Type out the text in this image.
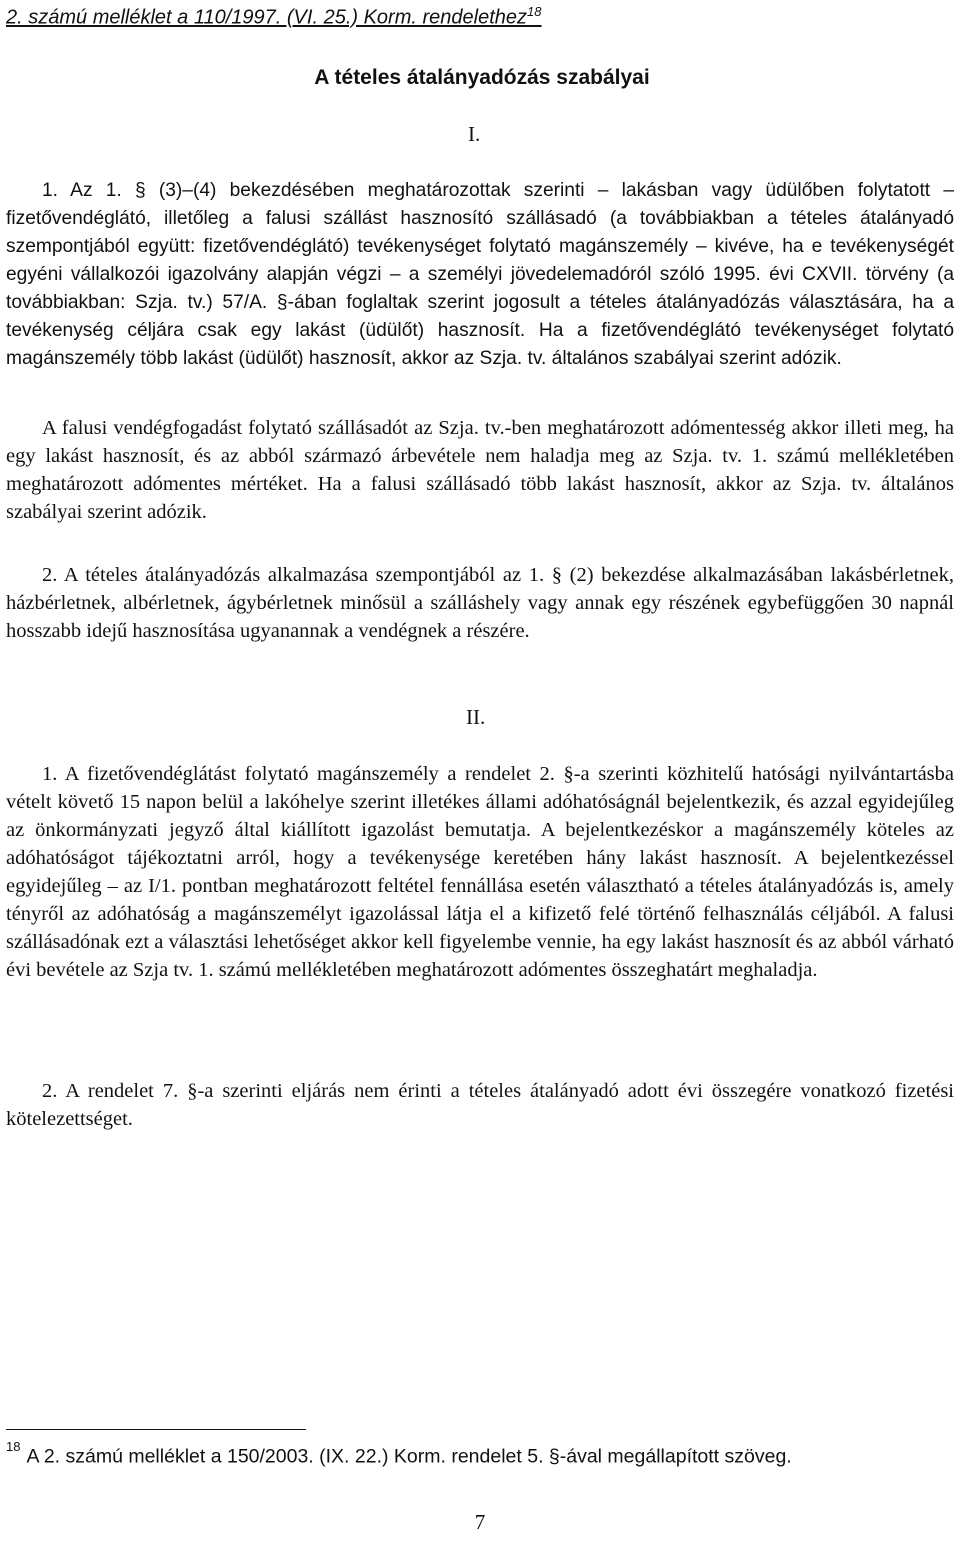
2. számú melléklet a 110/1997. (VI. 25.) Korm. rendelethez$^{18}$
A tételes átalányadózás szabályai
I.

1. Az 1. § (3)–(4) bekezdésében meghatározottak szerinti – lakásban vagy üdülőben folytatott – fizetővendéglátó, illetőleg a falusi szállást hasznosító szállásadó (a továbbiakban a tételes átalányadó szempontjából együtt: fizetővendéglátó) tevékenységet folytató magánszemély – kivéve, ha e tevékenységét egyéni vállalkozói igazolvány alapján végzi – a személyi jövedelemadóról szóló 1995. évi CXVII. törvény (a továbbiakban: Szja. tv.) 57/A. §-ában foglaltak szerint jogosult a tételes átalányadózás választására, ha a tevékenység céljára csak egy lakást (üdülőt) hasznosít. Ha a fizetővendéglátó tevékenységet folytató magánszemély több lakást (üdülőt) hasznosít, akkor az Szja. tv. általános szabályai szerint adózik.

A falusi vendégfogadást folytató szállásadót az Szja. tv.-ben meghatározott adómentesség akkor illeti meg, ha egy lakást hasznosít, és az abból származó árbevétele nem haladja meg az Szja. tv. 1. számú mellékletében meghatározott adómentes mértéket. Ha a falusi szállásadó több lakást hasznosít, akkor az Szja. tv. általános szabályai szerint adózik.

2. A tételes átalányadózás alkalmazása szempontjából az 1. § (2) bekezdése alkalmazásában lakásbérletnek, házbérletnek, albérletnek, ágybérletnek minősül a szálláshely vagy annak egy részének egybefüggően 30 napnál hosszabb idejű hasznosítása ugyanannak a vendégnek a részére.

II.

1. A fizetővendéglátást folytató magánszemély a rendelet 2. §-a szerinti közhitelű hatósági nyilvántartásba vételt követő 15 napon belül a lakóhelye szerint illetékes állami adóhatóságnál bejelentkezik, és azzal egyidejűleg az önkormányzati jegyző által kiállított igazolást bemutatja. A bejelentkezéskor a magánszemély köteles az adóhatóságot tájékoztatni arról, hogy a tevékenysége keretében hány lakást hasznosít. A bejelentkezéssel egyidejűleg – az I/1. pontban meghatározott feltétel fennállása esetén választható a tételes átalányadózás is, amely tényről az adóhatóság a magánszemélyt igazolással látja el a kifizető felé történő felhasználás céljából. A falusi szállásadónak ezt a választási lehetőséget akkor kell figyelembe vennie, ha egy lakást hasznosít és az abból várható évi bevétele az Szja tv. 1. számú mellékletében meghatározott adómentes összeghatárt meghaladja.

2. A rendelet 7. §-a szerinti eljárás nem érinti a tételes átalányadó adott évi összegére vonatkozó fizetési kötelezettséget.

$^{18}$ A 2. számú melléklet a 150/2003. (IX. 22.) Korm. rendelet 5. §-ával megállapított szöveg.
7
